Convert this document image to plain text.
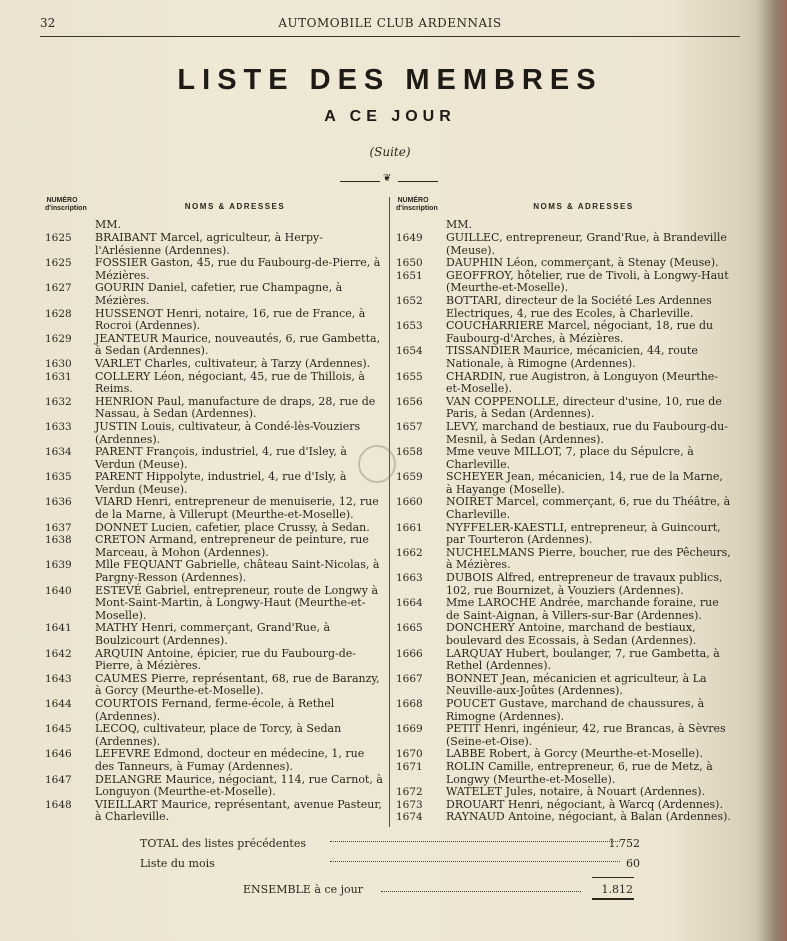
32	AUTOMOBILE CLUB ARDENNAIS
LISTE DES MEMBRES
A CE JOUR
(Suite)
❦
NUMÉRO d'inscription	NOMS & ADRESSES
MM.
1625	BRAIBANT Marcel, agriculteur, à Herpy-l'Arlésienne (Ardennes).
1625	FOSSIER Gaston, 45, rue du Faubourg-de-Pierre, à Mézières.
1627	GOURIN Daniel, cafetier, rue Champagne, à Mézières.
1628	HUSSENOT Henri, notaire, 16, rue de France, à Rocroi (Ardennes).
1629	JEANTEUR Maurice, nouveautés, 6, rue Gambetta, à Sedan (Ardennes).
1630	VARLET Charles, cultivateur, à Tarzy (Ardennes).
1631	COLLERY Léon, négociant, 45, rue de Thillois, à Reims.
1632	HENRION Paul, manufacture de draps, 28, rue de Nassau, à Sedan (Ardennes).
1633	JUSTIN Louis, cultivateur, à Condé-lès-Vouziers (Ardennes).
1634	PARENT François, industriel, 4, rue d'Isley, à Verdun (Meuse).
1635	PARENT Hippolyte, industriel, 4, rue d'Isly, à Verdun (Meuse).
1636	VIARD Henri, entrepreneur de menuiserie, 12, rue de la Marne, à Villerupt (Meurthe-et-Moselle).
1637	DONNET Lucien, cafetier, place Crussy, à Sedan.
1638	CRETON Armand, entrepreneur de peinture, rue Marceau, à Mohon (Ardennes).
1639	Mlle FEQUANT Gabrielle, château Saint-Nicolas, à Pargny-Resson (Ardennes).
1640	ESTEVÉ Gabriel, entrepreneur, route de Longwy à Mont-Saint-Martin, à Longwy-Haut (Meurthe-et-Moselle).
1641	MATHY Henri, commerçant, Grand'Rue, à Boulzicourt (Ardennes).
1642	ARQUIN Antoine, épicier, rue du Faubourg-de-Pierre, à Mézières.
1643	CAUMES Pierre, représentant, 68, rue de Baranzy, à Gorcy (Meurthe-et-Moselle).
1644	COURTOIS Fernand, ferme-école, à Rethel (Ardennes).
1645	LECOQ, cultivateur, place de Torcy, à Sedan (Ardennes).
1646	LEFEVRE Edmond, docteur en médecine, 1, rue des Tanneurs, à Fumay (Ardennes).
1647	DELANGRE Maurice, négociant, 114, rue Carnot, à Longuyon (Meurthe-et-Moselle).
1648	VIEILLART Maurice, représentant, avenue Pasteur, à Charleville.
NUMÉRO d'inscription	NOMS & ADRESSES
MM.
1649	GUILLEC, entrepreneur, Grand'Rue, à Brandeville (Meuse).
1650	DAUPHIN Léon, commerçant, à Stenay (Meuse).
1651	GEOFFROY, hôtelier, rue de Tivoli, à Longwy-Haut (Meurthe-et-Moselle).
1652	BOTTARI, directeur de la Société Les Ardennes Electriques, 4, rue des Ecoles, à Charleville.
1653	COUCHARRIERE Marcel, négociant, 18, rue du Faubourg-d'Arches, à Mézières.
1654	TISSANDIER Maurice, mécanicien, 44, route Nationale, à Rimogne (Ardennes).
1655	CHARDIN, rue Augistron, à Longuyon (Meurthe-et-Moselle).
1656	VAN COPPENOLLE, directeur d'usine, 10, rue de Paris, à Sedan (Ardennes).
1657	LEVY, marchand de bestiaux, rue du Faubourg-du-Mesnil, à Sedan (Ardennes).
1658	Mme veuve MILLOT, 7, place du Sépulcre, à Charleville.
1659	SCHEYER Jean, mécanicien, 14, rue de la Marne, à Hayange (Moselle).
1660	NOIRET Marcel, commerçant, 6, rue du Théâtre, à Charleville.
1661	NYFFELER-KAESTLI, entrepreneur, à Guincourt, par Tourteron (Ardennes).
1662	NUCHELMANS Pierre, boucher, rue des Pêcheurs, à Mézières.
1663	DUBOIS Alfred, entrepreneur de travaux publics, 102, rue Bournizet, à Vouziers (Ardennes).
1664	Mme LAROCHE Andrée, marchande foraine, rue de Saint-Aignan, à Villers-sur-Bar (Ardennes).
1665	DONCHERY Antoine, marchand de bestiaux, boulevard des Ecossais, à Sedan (Ardennes).
1666	LARQUAY Hubert, boulanger, 7, rue Gambetta, à Rethel (Ardennes).
1667	BONNET Jean, mécanicien et agriculteur, à La Neuville-aux-Joûtes (Ardennes).
1668	POUCET Gustave, marchand de chaussures, à Rimogne (Ardennes).
1669	PETIT Henri, ingénieur, 42, rue Brancas, à Sèvres (Seine-et-Oise).
1670	LABBE Robert, à Gorcy (Meurthe-et-Moselle).
1671	ROLIN Camille, entrepreneur, 6, rue de Metz, à Longwy (Meurthe-et-Moselle).
1672	WATELET Jules, notaire, à Nouart (Ardennes).
1673	DROUART Henri, négociant, à Warcq (Ardennes).
1674	RAYNAUD Antoine, négociant, à Balan (Ardennes).
TOTAL des listes précédentes	1.752
Liste du mois	60
ENSEMBLE à ce jour	1.812
